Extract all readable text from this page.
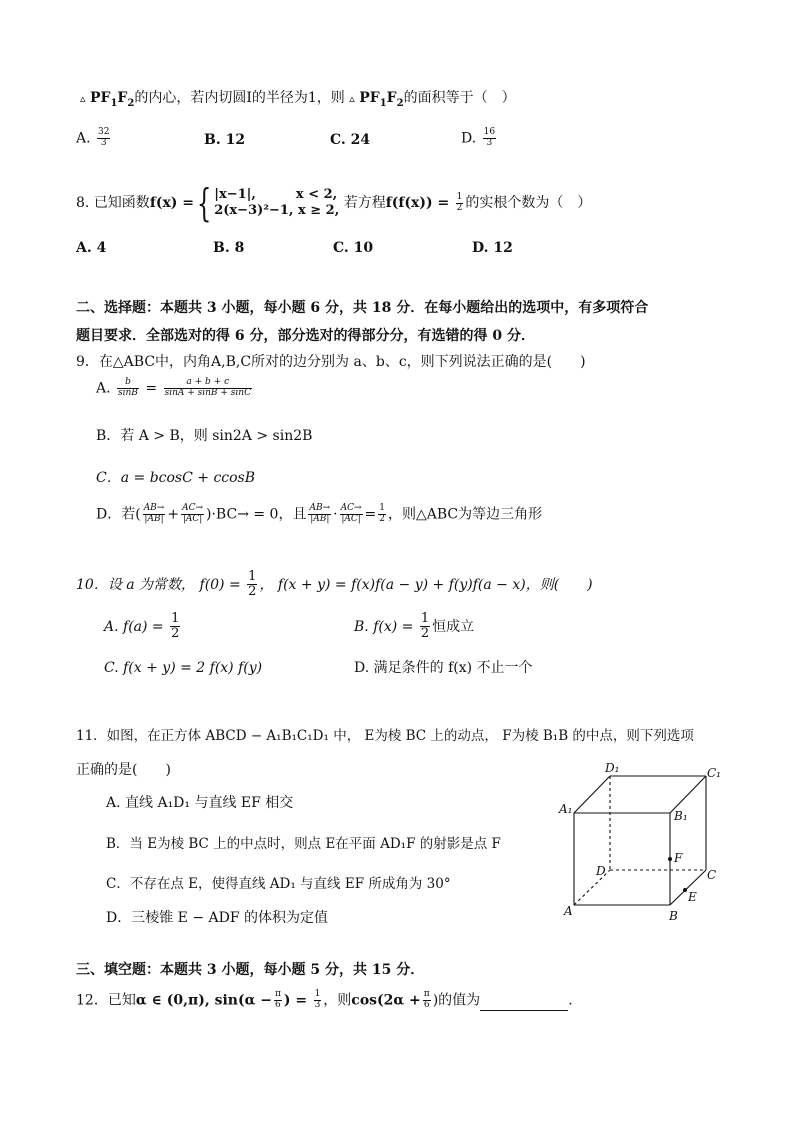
▵ $PF_1F_2$的内心，若内切圆I的半径为1，则 ▵ $PF_1F_2$的面积等于（　）
A. $\frac{32}{3}$	B. 12	C. 24	D. $\frac{16}{3}$
8. 已知函数f(x) ={ |x−1|,	x < 2,
2(x−3)²−1, x ≥ 2, 若方程$f(f(x)) = \frac{1}{2}$ 的实根个数为（　）
A. 4	B. 8	C. 10	D. 12
二、选择题：本题共 3 小题，每小题 6 分，共 18 分．在每小题给出的选项中，有多项符合
题目要求．全部选对的得 6 分，部分选对的得部分分，有选错的得 0 分．
9．在△ABC中，内角A,B,C所对的边分别为 a、b、c，则下列说法正确的是(　　)
A. $\frac{b}{\sin B} = \frac{a + b + c}{\sin A + \sin B + \sin C}$
B．若 A > B，则 sin2A > sin2B
C．a = bcosC + ccosB
D．若( $\frac{AB\to}{|AB|} + \frac{AC\to}{|AC|} )\cdot BC\to = 0$，且 $\frac{AB\to}{|AB|} \cdot \frac{AC\to}{|AC|} = \frac{1}{2}$ ，则△ABC为等边三角形
10．设 a 为常数， $f(0) = \frac{1}{2}$ ， f(x + y) = f(x)f(a − y) + f(y)f(a − x)，则(　　)
A. $f(a) = \frac{1}{2}$	B. $f(x) = \frac{1}{2}$ 恒成立
C. f(x + y) = 2 f(x) f(y)	D. 满足条件的 f(x) 不止一个
11．如图，在正方体 ABCD − A₁B₁C₁D₁ 中， E为棱 BC 上的动点， F为棱 B₁B 的中点，则下列选项
正确的是(　　)
A. 直线 A₁D₁ 与直线 EF 相交
B．当 E为棱 BC 上的中点时，则点 E在平面 AD₁F 的射影是点 F
C．不存在点 E，使得直线 AD₁ 与直线 EF 所成角为 30°
D．三棱锥 E − ADF 的体积为定值
D₁	C₁
A₁	B₁
F
D	C
E
A	B
三、填空题：本题共 3 小题，每小题 5 分，共 15 分．
12．已知α ∈ (0,π), $\sin(\alpha - \frac{\pi}{6}$ ) = $\frac{1}{3}$ ，则$\cos(2\alpha + \frac{\pi}{6}$ )的值为	.
